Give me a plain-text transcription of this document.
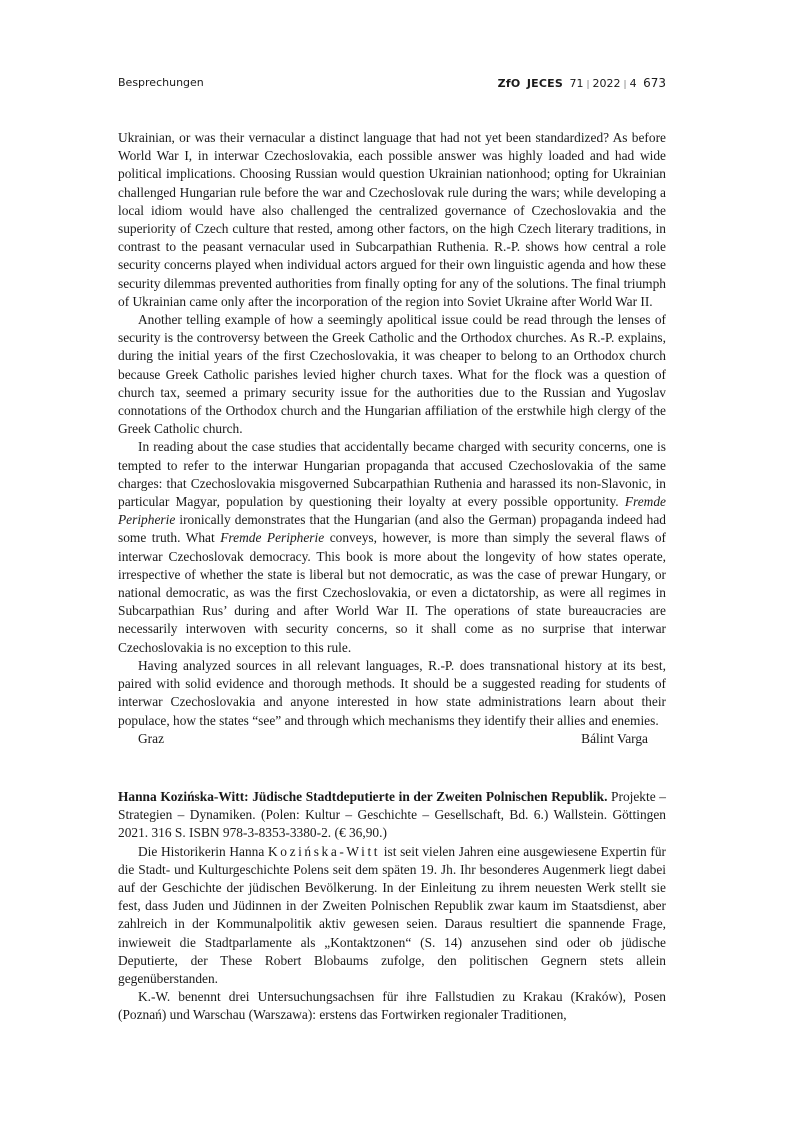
Besprechungen	ZfO JECES 71 | 2022 | 4 673

Ukrainian, or was their vernacular a distinct language that had not yet been standardized? As before World War I, in interwar Czechoslovakia, each possible answer was highly loaded and had wide political implications. Choosing Russian would question Ukrainian nationhood; opting for Ukrainian challenged Hungarian rule before the war and Czechoslovak rule during the wars; while developing a local idiom would have also challenged the centralized governance of Czechoslovakia and the superiority of Czech culture that rested, among other factors, on the high Czech literary traditions, in contrast to the peasant vernacular used in Subcarpathian Ruthenia. R.-P. shows how central a role security concerns played when individual actors argued for their own linguistic agenda and how these security dilemmas prevented authorities from finally opting for any of the solutions. The final triumph of Ukrainian came only after the incorporation of the region into Soviet Ukraine after World War II.

Another telling example of how a seemingly apolitical issue could be read through the lenses of security is the controversy between the Greek Catholic and the Orthodox churches. As R.-P. explains, during the initial years of the first Czechoslovakia, it was cheaper to belong to an Orthodox church because Greek Catholic parishes levied higher church taxes. What for the flock was a question of church tax, seemed a primary security issue for the authorities due to the Russian and Yugoslav connotations of the Orthodox church and the Hungarian affiliation of the erstwhile high clergy of the Greek Catholic church.

In reading about the case studies that accidentally became charged with security concerns, one is tempted to refer to the interwar Hungarian propaganda that accused Czechoslovakia of the same charges: that Czechoslovakia misgoverned Subcarpathian Ruthenia and harassed its non-Slavonic, in particular Magyar, population by questioning their loyalty at every possible opportunity. Fremde Peripherie ironically demonstrates that the Hungarian (and also the German) propaganda indeed had some truth. What Fremde Peripherie conveys, however, is more than simply the several flaws of interwar Czechoslovak democracy. This book is more about the longevity of how states operate, irrespective of whether the state is liberal but not democratic, as was the case of prewar Hungary, or national democratic, as was the first Czechoslovakia, or even a dictatorship, as were all regimes in Subcarpathian Rus’ during and after World War II. The operations of state bureaucracies are necessarily interwoven with security concerns, so it shall come as no surprise that interwar Czechoslovakia is no exception to this rule.

Having analyzed sources in all relevant languages, R.-P. does transnational history at its best, paired with solid evidence and thorough methods. It should be a suggested reading for students of interwar Czechoslovakia and anyone interested in how state administrations learn about their populace, how the states “see” and through which mechanisms they identify their allies and enemies.

Graz	Bálint Varga

Hanna Kozińska-Witt: Jüdische Stadtdeputierte in der Zweiten Polnischen Republik. Projekte – Strategien – Dynamiken. (Polen: Kultur – Geschichte – Gesellschaft, Bd. 6.) Wallstein. Göttingen 2021. 316 S. ISBN 978-3-8353-3380-2. (€ 36,90.)

Die Historikerin Hanna Kozińska-Witt ist seit vielen Jahren eine ausgewiesene Expertin für die Stadt- und Kulturgeschichte Polens seit dem späten 19. Jh. Ihr besonderes Augenmerk liegt dabei auf der Geschichte der jüdischen Bevölkerung. In der Einleitung zu ihrem neuesten Werk stellt sie fest, dass Juden und Jüdinnen in der Zweiten Polnischen Republik zwar kaum im Staatsdienst, aber zahlreich in der Kommunalpolitik aktiv gewesen seien. Daraus resultiert die spannende Frage, inwieweit die Stadtparlamente als „Kontaktzonen“ (S. 14) anzusehen sind oder ob jüdische Deputierte, der These Robert Blobaums zufolge, den politischen Gegnern stets allein gegenüberstanden.

K.-W. benennt drei Untersuchungsachsen für ihre Fallstudien zu Krakau (Kraków), Posen (Poznań) und Warschau (Warszawa): erstens das Fortwirken regionaler Traditionen,
